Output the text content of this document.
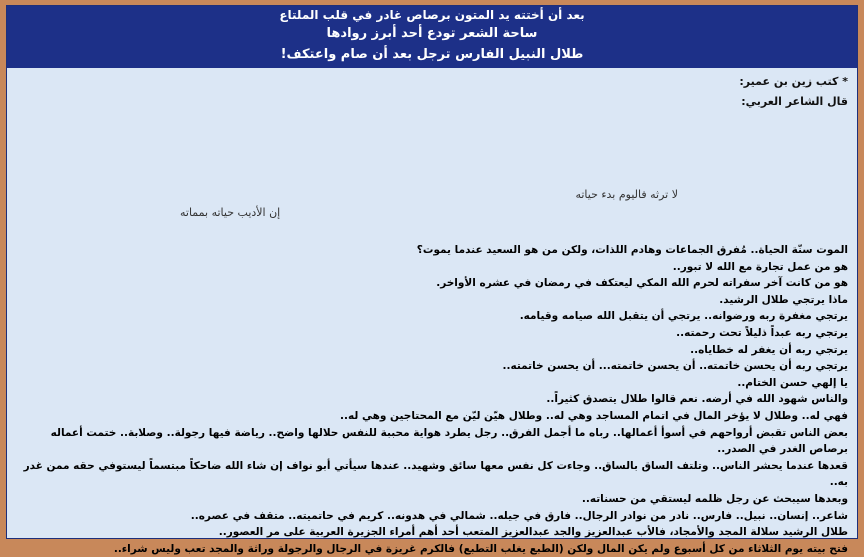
بعد أن أختته يد المتون برصاص غادر في قلب الملتاع
ساحة الشعر تودع أحد أبرز روادها
طلال النبيل الفارس ترجل بعد أن صام واعتكف!
* كتب زين بن عمير:
قال الشاعر العربي:
لا ترثه فاليوم بدء حياته
إن الأديب حياته بمماته
الموت سنّة الحياة.. مُفرق الجماعات وهادم اللذات، ولكن من هو السعيد عندما يموت؟
هو من عمل تجارة مع الله لا تبور..
هو من كانت آخر سفراته لحرم الله المكي ليعتكف في رمضان في عشره الأواخر.
ماذا يرتجي طلال الرشيد.
يرتجي مغفرة ربه ورضوانه.. يرتجي أن يتقبل الله صيامه وقيامه.
يرتجي ربه عبداً ذليلاً تحت رحمته..
يرتجي ربه أن يغفر له خطاياه..
يرتجي ربه أن يحسن خاتمته.. أن يحسن خاتمته... أن يحسن خاتمته..
يا إلهي حسن الختام..
والناس شهود الله في أرضه. نعم قالوا طلال يتصدق كثيراً..
فهي له.. وطلال لا يؤخر المال في اتمام المساجد وهي له.. وطلال هيّن ليّن مع المحتاجين وهي له..
بعض الناس تقبض أرواحهم في أسوأ أعمالها.. رباه ما أجمل الفرق.. رجل يطرد هواية محببة للنفس حلالها واضح.. رياضة فيها رجولة.. وصلابة.. ختمت أعماله برصاص الغدر في الصدر..
قعدها عندما يحشر الناس.. وتلتف الساق بالساق.. وجاءت كل نفس معها سائق وشهيد.. عندها سيأتي أبو نواف إن شاء الله ضاحكاً مبتسماً ليستوفي حقه ممن غدر به..
وبعدها سيبحث عن رجل ظلمه ليستقي من حسناته..
شاعر.. إنسان.. نبيل.. فارس.. نادر من نوادر الرجال.. فارق في جيله.. شمالي في هدونه.. كريم في حاتميته.. متقف في عصره..
طلال الرشيد سلالة المجد والأمجاد، فالأب عبدالعزيز والجد عبدالعزيز المتعب أحد أهم أمراء الجزيرة العربية على مر العصور..
فتح بيته يوم الثلاثاء من كل أسبوع ولم يكن المال ولكن (الطبع يغلب التطبع) فالكرم غريزة في الرجال والرجولة وراثة والمجد تعب وليس شراء..
